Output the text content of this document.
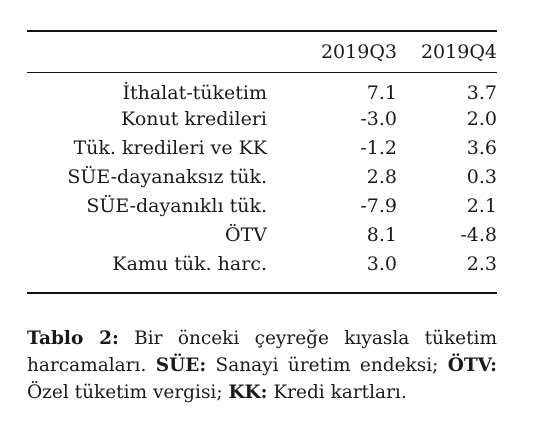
	2019Q3	2019Q4
İthalat-tüketim	7.1	3.7
Konut kredileri	-3.0	2.0
Tük. kredileri ve KK	-1.2	3.6
SÜE-dayanaksız tük.	2.8	0.3
SÜE-dayanıklı tük.	-7.9	2.1
ÖTV	8.1	-4.8
Kamu tük. harc.	3.0	2.3

Tablo 2: Bir önceki çeyreğe kıyasla tüketim harcamaları. SÜE: Sanayi üretim endeksi; ÖTV: Özel tüketim vergisi; KK: Kredi kartları.
